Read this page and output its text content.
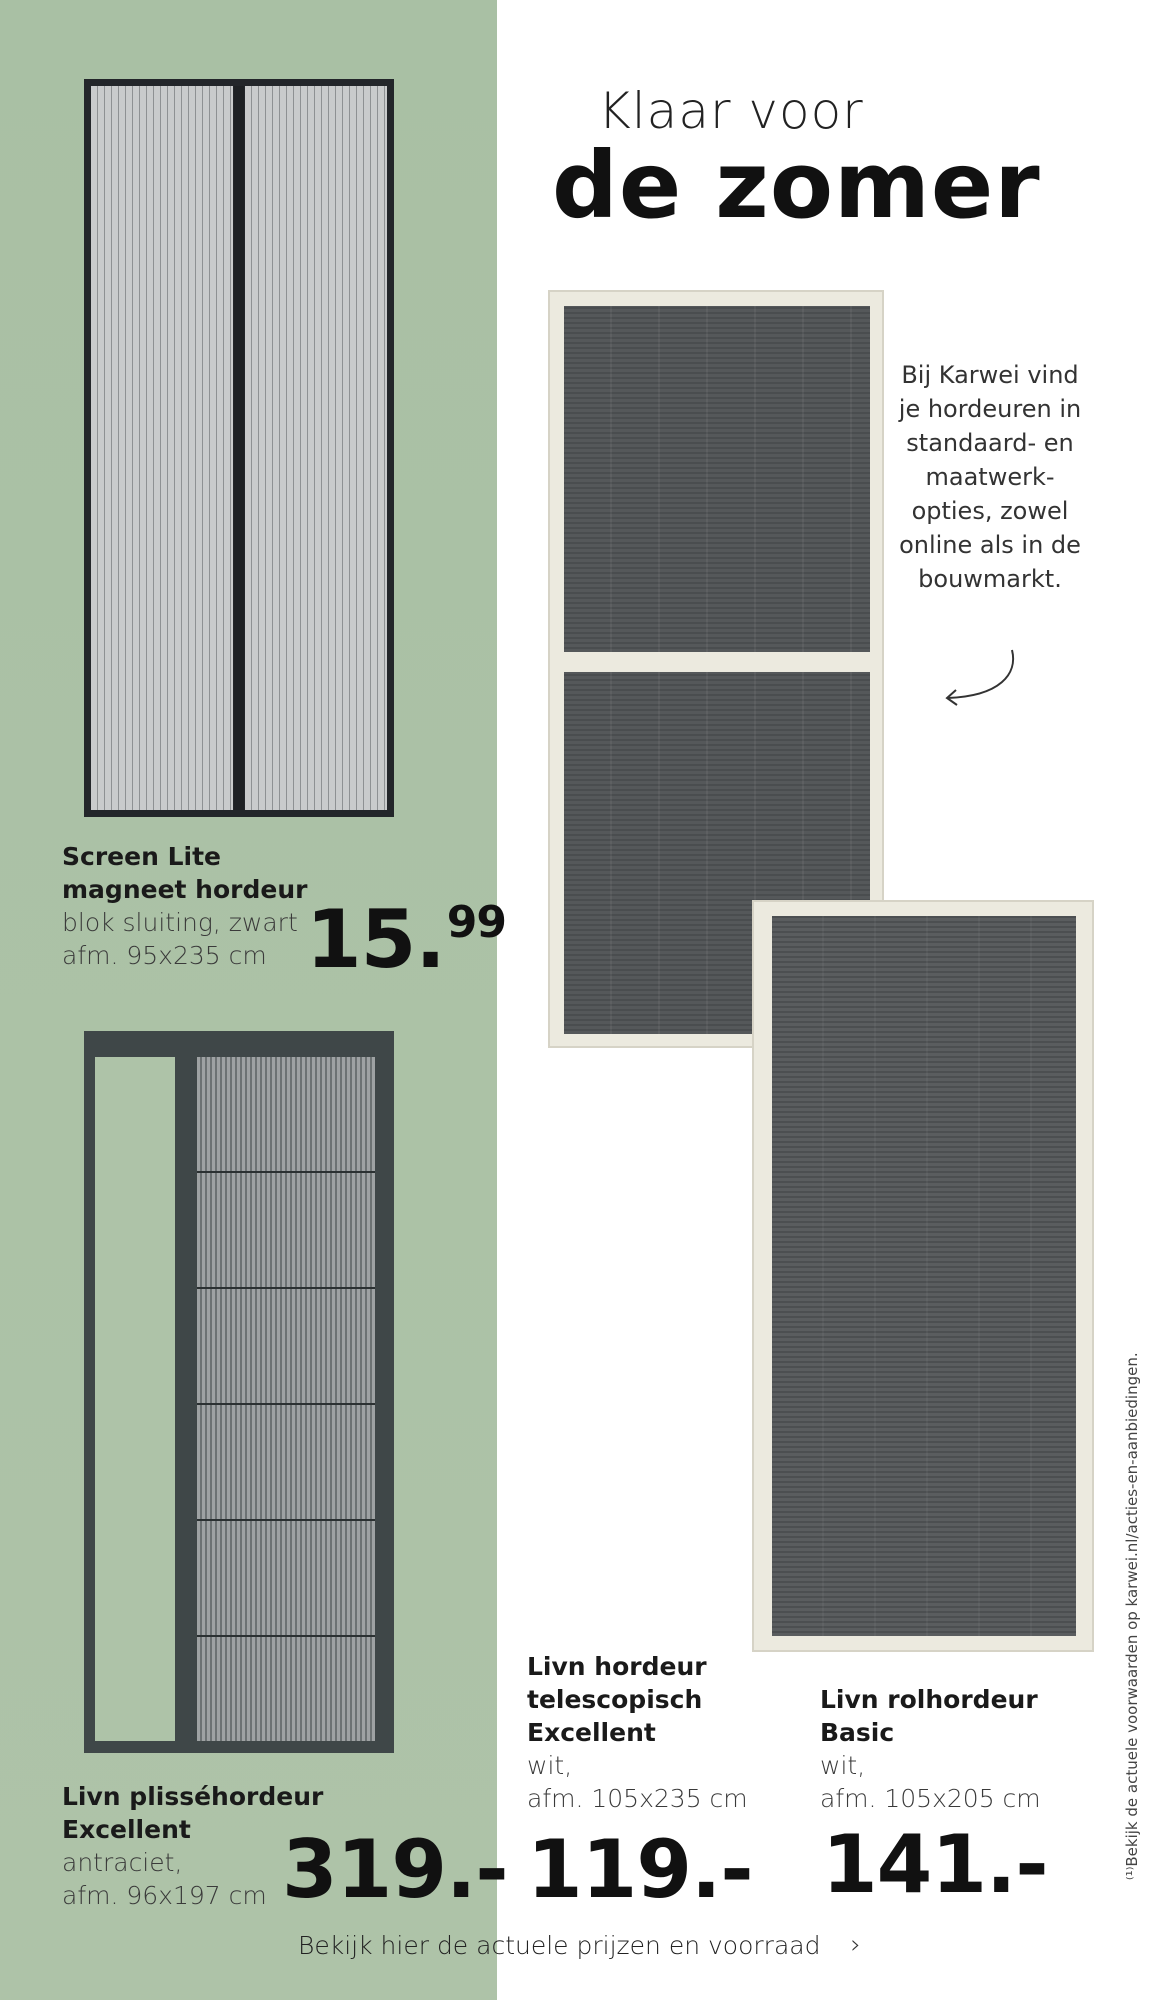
Klaar voor
de zomer
Bij Karwei vind
je hordeuren in
standaard- en
maatwerk-
opties, zowel
online als in de
bouwmarkt.
Screen Lite
magneet hordeur
blok sluiting, zwart
afm. 95x235 cm 15.99
Livn plisséhordeur
Excellent
antraciet,
afm. 96x197 cm 319.-
Livn hordeur
telescopisch
Excellent
wit,
afm. 105x235 cm
119.-
Livn rolhordeur
Basic
wit,
afm. 105x205 cm
141.-	⁽¹⁾Bekijk de actuele voorwaarden op karwei.nl/acties-en-aanbiedingen.
Bekijk hier de actuele prijzen en voorraad ›
